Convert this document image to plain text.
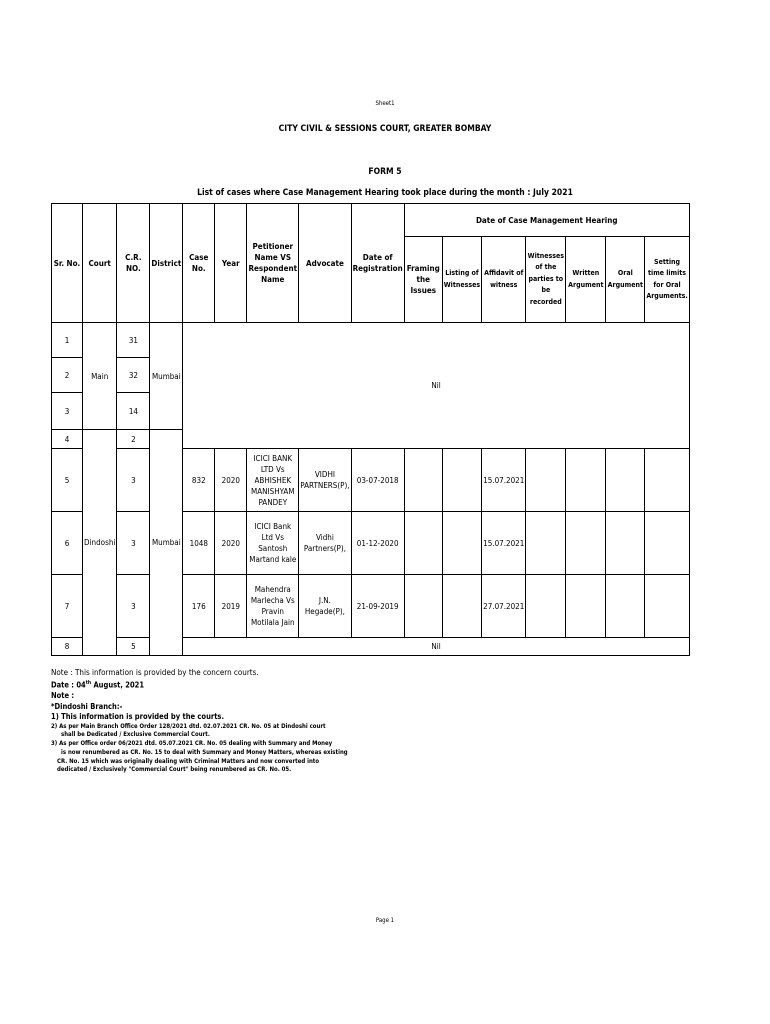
Sheet1
CITY CIVIL & SESSIONS COURT, GREATER BOMBAY
FORM 5
List of cases where Case Management Hearing took place during the month : July 2021
Sr. No.	Court	C.R. NO.	District	Case No.	Year	Petitioner Name VS Respondent Name	Advocate	Date of Registration	Date of Case Management Hearing						
									Framing the Issues	Listing of Witnesses	Affidavit of witness	Witnesses of the parties to be recorded	Written Argument	Oral Argument	Setting time limits for Oral Arguments.
1	Main	31	Mumbai	Nil											
2		32													
3		14													
4	Dindoshi	2	Mumbai												
5		3		832	2020	ICICI BANK LTD Vs ABHISHEK MANISHYAM PANDEY	VIDHI PARTNERS(P),	03-07-2018			15.07.2021				
6		3		1048	2020	ICICI Bank Ltd Vs Santosh Martand kale	Vidhi Partners(P),	01-12-2020			15.07.2021				
7		3		176	2019	Mahendra Marlecha Vs Pravin Motilala Jain	J.N. Hegade(P),	21-09-2019			27.07.2021				
8		5		Nil											
Note : This information is provided by the concern courts.
Date : 04th August, 2021
Note :
*Dindoshi Branch:-
1) This information is provided by the courts.
2) As per Main Branch Office Order 128/2021 dtd. 02.07.2021 CR. No. 05 at Dindoshi court
shall be Dedicated / Exclusive Commercial Court.
3) As per Office order 06/2021 dtd. 05.07.2021 CR. No. 05 dealing with Summary and Money
is now renumbered as CR. No. 15 to deal with Summary and Money Matters, whereas existing
CR. No. 15 which was originally dealing with Criminal Matters and now converted into
dedicated / Exclusively "Commercial Court" being renumbered as CR. No. 05.
Page 1
